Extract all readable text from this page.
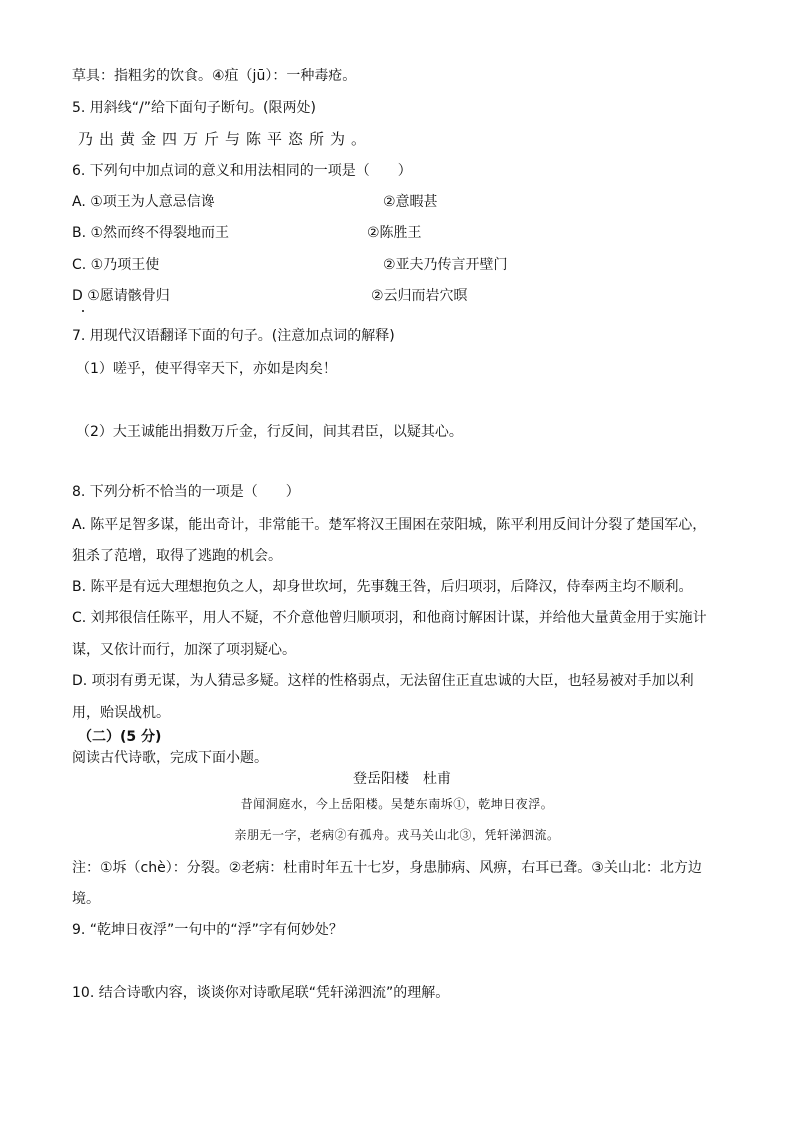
草具：指粗劣的饮食。④疽（jū）：一种毒疮。
5. 用斜线“/”给下面句子断句。(限两处)
乃出黄金四万斤与陈平恣所为。
6. 下列句中加点词的意义和用法相同的一项是（　　）
A. ①项王为人意忌信谗	②意暇甚
B. ①然而终不得裂地而王	②陈胜王
C. ①乃项王使	②亚夫乃传言开壁门
D ①愿请骸骨归	②云归而岩穴暝
7. 用现代汉语翻译下面的句子。(注意加点词的解释)
（1）嗟乎，使平得宰天下，亦如是肉矣！
（2）大王诚能出捐数万斤金，行反间，间其君臣，以疑其心。
8. 下列分析不恰当的一项是（　　）
A. 陈平足智多谋，能出奇计，非常能干。楚军将汉王围困在荥阳城，陈平利用反间计分裂了楚国军心，
狙杀了范增，取得了逃跑的机会。
B. 陈平是有远大理想抱负之人，却身世坎坷，先事魏王咎，后归项羽，后降汉，侍奉两主均不顺利。
C. 刘邦很信任陈平，用人不疑，不介意他曾归顺项羽，和他商讨解困计谋，并给他大量黄金用于实施计
谋，又依计而行，加深了项羽疑心。
D. 项羽有勇无谋，为人猜忌多疑。这样的性格弱点，无法留住正直忠诚的大臣，也轻易被对手加以利
用，贻误战机。
（二）(5 分)
阅读古代诗歌，完成下面小题。
登岳阳楼　杜甫
昔闻洞庭水，今上岳阳楼。吴楚东南坼①，乾坤日夜浮。
亲朋无一字，老病②有孤舟。戎马关山北③，凭轩涕泗流。
注：①坼（chè）：分裂。②老病：杜甫时年五十七岁，身患肺病、风痹，右耳已聋。③关山北：北方边
境。
9. “乾坤日夜浮”一句中的“浮”字有何妙处？
10. 结合诗歌内容，谈谈你对诗歌尾联“凭轩涕泗流”的理解。
